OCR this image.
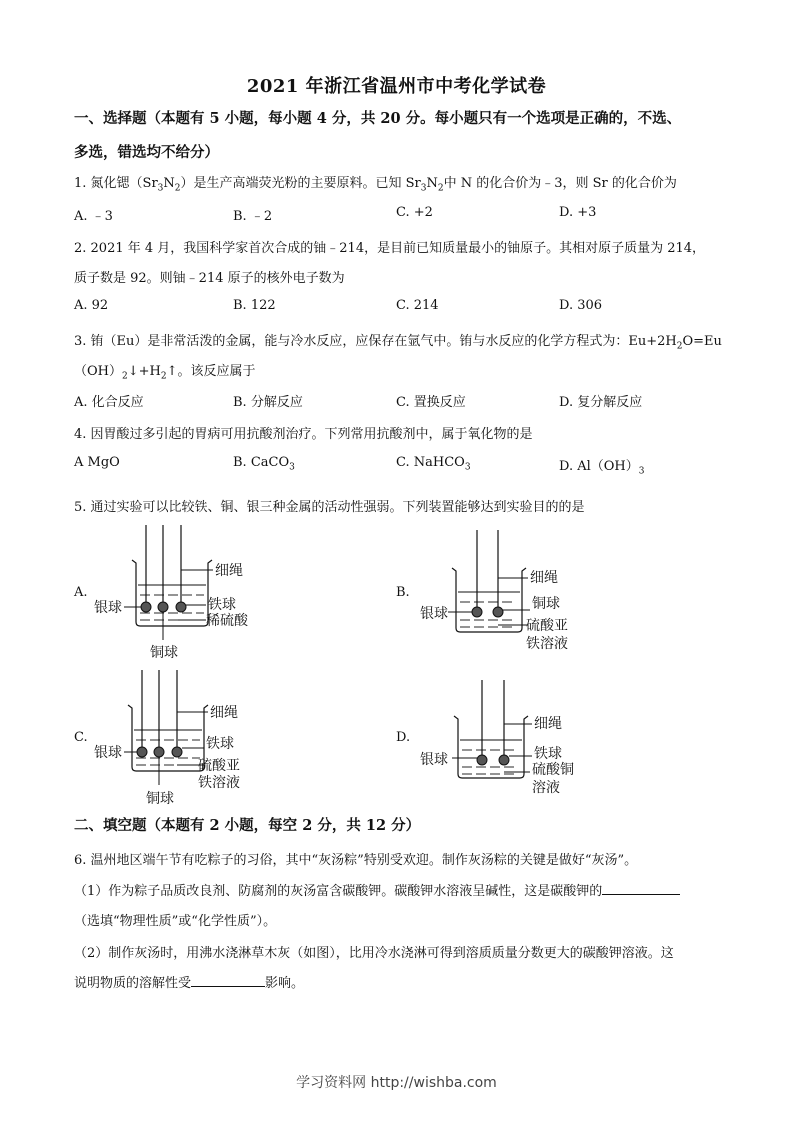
2021 年浙江省温州市中考化学试卷
一、选择题（本题有 5 小题，每小题 4 分，共 20 分。每小题只有一个选项是正确的，不选、
多选，错选均不给分）
1. 氮化锶$(Sr_3N_2)$是生产高端荧光粉的主要原料。已知 $Sr_3N_2$中 N 的化合价为﹣3，则 Sr 的化合价为
A. ﹣3	B. ﹣2	C. +2	D. +3
2. 2021 年 4 月，我国科学家首次合成的铀﹣214，是目前已知质量最小的铀原子。其相对原子质量为 214，
质子数是 92。则铀﹣214 原子的核外电子数为
A. 92	B. 122	C. 214	D. 306
3. 铕（Eu）是非常活泼的金属，能与冷水反应，应保存在氩气中。铕与水反应的化学方程式为：$Eu+2H_2O=Eu$
$(OH)_2↓+H_2↑$。该反应属于
A. 化合反应	B. 分解反应	C. 置换反应	D. 复分解反应
4. 因胃酸过多引起的胃病可用抗酸剂治疗。下列常用抗酸剂中，属于氧化物的是
A MgO	B. CaCO$_3$	C. NaHCO$_3$	D. $Al(OH)_3$
5. 通过实验可以比较铁、铜、银三种金属的活动性强弱。下列装置能够达到实验目的的是
A.
细绳
银球	铁球
稀硫酸
铜球
B.
细绳
银球
铜球
硫酸亚
铁溶液
C.
细绳
银球
铁球
硫酸亚
铁溶液
铜球
D.
细绳
银球	铁球
硫酸铜
溶液
二、填空题（本题有 2 小题，每空 2 分，共 12 分）
6. 温州地区端午节有吃粽子的习俗，其中“灰汤粽”特别受欢迎。制作灰汤粽的关键是做好“灰汤”。
（1）作为粽子品质改良剂、防腐剂的灰汤富含碳酸钾。碳酸钾水溶液呈碱性，这是碳酸钾的
（选填“物理性质”或“化学性质”）。
（2）制作灰汤时，用沸水浇淋草木灰（如图），比用冷水浇淋可得到溶质质量分数更大的碳酸钾溶液。这
说明物质的溶解性受	影响。
学习资料网 http://wishba.com
